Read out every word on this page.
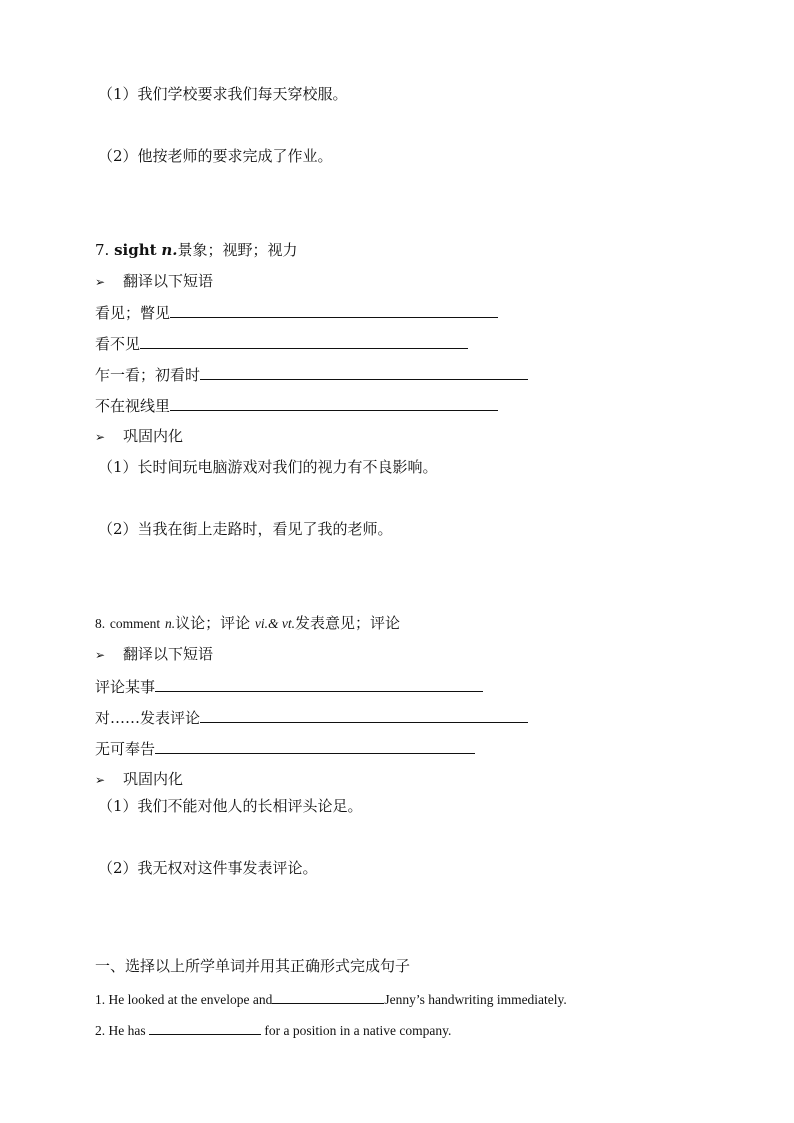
（1）我们学校要求我们每天穿校服。
（2）他按老师的要求完成了作业。
7. sight n.景象；视野；视力
➢ 翻译以下短语
看见；瞥见
看不见
乍一看；初看时
不在视线里
➢ 巩固内化
（1）长时间玩电脑游戏对我们的视力有不良影响。
（2）当我在街上走路时，看见了我的老师。
8. comment n.议论；评论 vi.& vt.发表意见；评论
➢ 翻译以下短语
评论某事
对……发表评论
无可奉告
➢ 巩固内化
（1）我们不能对他人的长相评头论足。
（2）我无权对这件事发表评论。
一、选择以上所学单词并用其正确形式完成句子
1. He looked at the envelope and	Jenny’s handwriting immediately.
2. He has	for a position in a native company.
